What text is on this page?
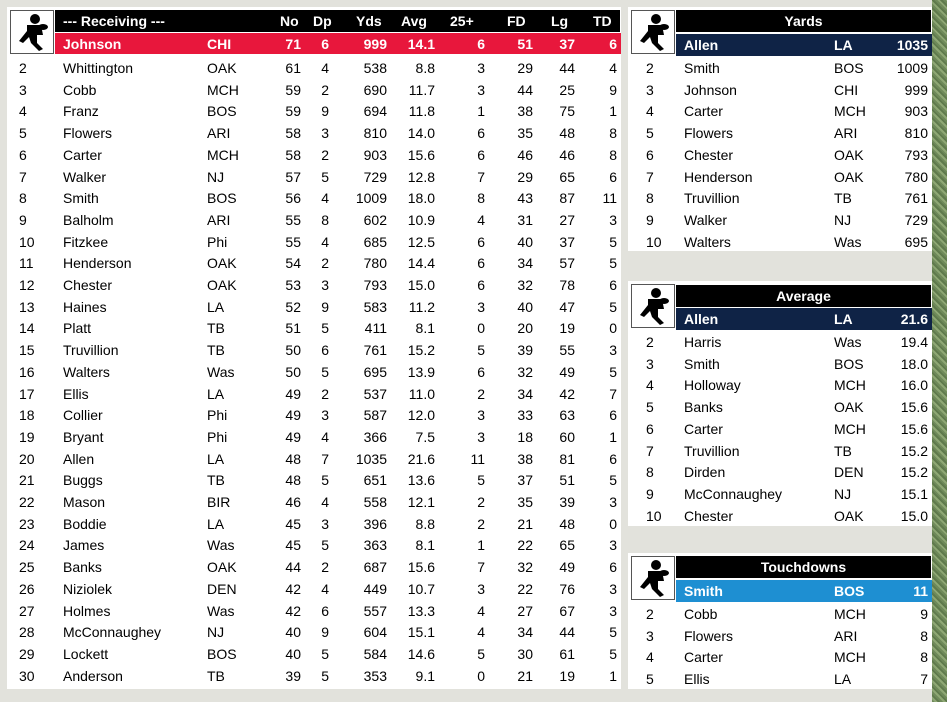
--- Receiving ---	No Dp Yds Avg 25+ FD Lg TD
Johnson	CHI	71 6 999 14.1	6 51 37 6
2	Whittington	OAK	61 4 538 8.8	3 29 44 4
3	Cobb	MCH	59 2 690 11.7	3 44 25 9
4	Franz	BOS	59 9 694 11.8	1 38 75 1
5	Flowers	ARI	58 3 810 14.0	6 35 48 8
6	Carter	MCH	58 2 903 15.6	6 46 46 8
7	Walker	NJ	57 5 729 12.8	7 29 65 6
8	Smith	BOS	56 4 1009 18.0	8 43 87 11
9	Balholm	ARI	55 8 602 10.9	4 31 27 3
10 Fitzkee	Phi	55 4 685 12.5	6 40 37 5
11 Henderson	OAK	54 2 780 14.4	6 34 57 5
12 Chester	OAK	53 3 793 15.0	6 32 78 6
13 Haines	LA	52 9 583 11.2	3 40 47 5
14 Platt	TB	51 5	411 8.1	0 20 19 0
15 Truvillion	TB	50 6 761 15.2	5 39 55 3
16 Walters	Was	50 5 695 13.9	6 32 49 5
17 Ellis	LA	49 2 537 11.0	2 34 42 7
18 Collier	Phi	49 3 587 12.0	3 33 63 6
19 Bryant	Phi	49 4 366 7.5	3 18 60 1
20 Allen	LA	48 7 1035 21.6	11 38 81 6
21 Buggs	TB	48 5 651 13.6	5 37 51 5
22 Mason	BIR	46 4 558 12.1	2 35 39 3
23 Boddie	LA	45 3 396 8.8	2 21 48 0
24 James	Was	45 5 363 8.1	1 22 65 3
25 Banks	OAK	44 2 687 15.6	7 32 49 6
26 Niziolek	DEN	42 4 449 10.7	3 22 76 3
27 Holmes	Was	42 6 557 13.3	4 27 67 3
28 McConnaughey	NJ	40 9 604 15.1	4 34 44 5
29 Lockett	BOS	40 5 584 14.6	5 30 61 5
30 Anderson	TB	39 5 353 9.1	0 21 19 1
Yards
Allen	LA	1035
2 Smith	BOS 1009
3 Johnson	CHI	999
4 Carter	MCH	903
5 Flowers	ARI	810
6 Chester	OAK	793
7 Henderson	OAK	780
8 Truvillion	TB	761
9 Walker	NJ	729
10 Walters	Was	695
Average
Allen	LA	21.6
2 Harris	Was	19.4
3 Smith	BOS	18.0
4 Holloway	MCH 16.0
5 Banks	OAK	15.6
6 Carter	MCH 15.6
7 Truvillion	TB	15.2
8 Dirden	DEN	15.2
9 McConnaughey	NJ	15.1
10 Chester	OAK	15.0
Touchdowns
Smith	BOS	11
2 Cobb	MCH	9
3 Flowers	ARI	8
4 Carter	MCH	8
5 Ellis	LA	7
